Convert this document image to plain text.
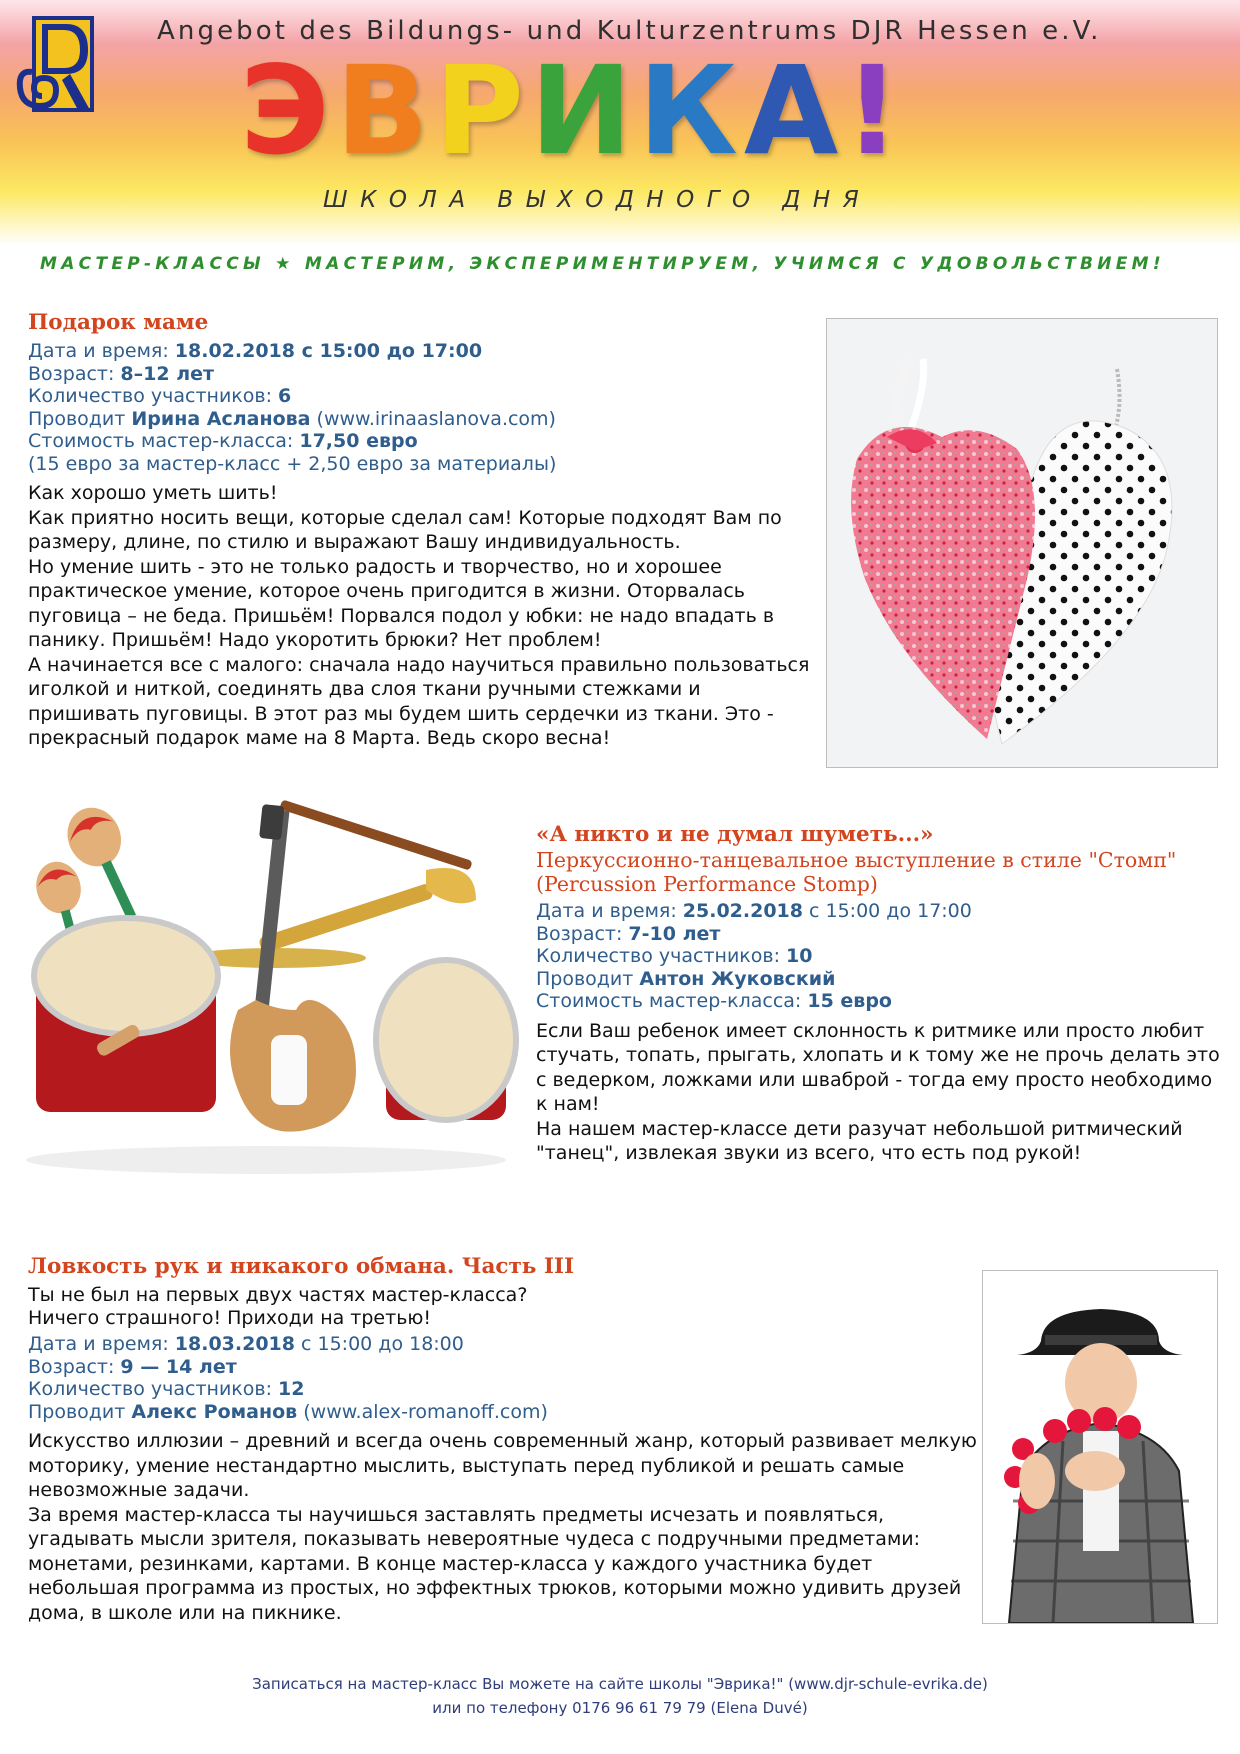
Angebot des Bildungs- und Kulturzentrums DJR Hessen e.V.
ЭВРИКА!
ШКОЛА ВЫХОДНОГО ДНЯ
МАСТЕР-КЛАССЫ ★ МАСТЕРИМ, ЭКСПЕРИМЕНТИРУЕМ, УЧИМСЯ С УДОВОЛЬСТВИЕМ!
Подарок маме
Дата и время: 18.02.2018 с 15:00 до 17:00
Возраст: 8–12 лет
Количество участников: 6
Проводит Ирина Асланова (www.irinaaslanova.com)
Стоимость мастер-класса: 17,50 евро
(15 евро за мастер-класс + 2,50 евро за материалы)

Как хорошо уметь шить!

Как приятно носить вещи, которые сделал сам! Которые подходят Вам по размеру, длине, по стилю и выражают Вашу индивидуальность.

Но умение шить - это не только радость и творчество, но и хорошее практическое умение, которое очень пригодится в жизни. Оторвалась пуговица – не беда. Пришьём! Порвался подол у юбки: не надо впадать в панику. Пришьём! Надо укоротить брюки? Нет проблем!

А начинается все с малого: сначала надо научиться правильно пользоваться иголкой и ниткой, соединять два слоя ткани ручными стежками и пришивать пуговицы. В этот раз мы будем шить сердечки из ткани. Это - прекрасный подарок маме на 8 Марта. Ведь скоро весна!

«А никто и не думал шуметь...»
Перкуссионно-танцевальное выступление в стиле "Стомп"
(Percussion Performance Stomp)
Дата и время: 25.02.2018 с 15:00 до 17:00
Возраст: 7-10 лет
Количество участников: 10
Проводит Антон Жуковский
Стоимость мастер-класса: 15 евро

Если Ваш ребенок имеет склонность к ритмике или просто любит стучать, топать, прыгать, хлопать и к тому же не прочь делать это с ведерком, ложками или шваброй - тогда ему просто необходимо к нам!

На нашем мастер-классе дети разучат небольшой ритмический "танец", извлекая звуки из всего, что есть под рукой!

Ловкость рук и никакого обмана. Часть III
Ты не был на первых двух частях мастер-класса?
Ничего страшного! Приходи на третью!
Дата и время: 18.03.2018 с 15:00 до 18:00
Возраст: 9 — 14 лет
Количество участников: 12
Проводит Алекс Романов (www.alex-romanoff.com)

Искусство иллюзии – древний и всегда очень современный жанр, который развивает мелкую моторику, умение нестандартно мыслить, выступать перед публикой и решать самые невозможные задачи.

За время мастер-класса ты научишься заставлять предметы исчезать и появляться, угадывать мысли зрителя, показывать невероятные чудеса с подручными предметами: монетами, резинками, картами. В конце мастер-класса у каждого участника будет небольшая программа из простых, но эффектных трюков, которыми можно удивить друзей дома, в школе или на пикнике.

Записаться на мастер-класс Вы можете на сайте школы "Эврика!" (www.djr-schule-evrika.de)
или по телефону 0176 96 61 79 79 (Elena Duvé)
